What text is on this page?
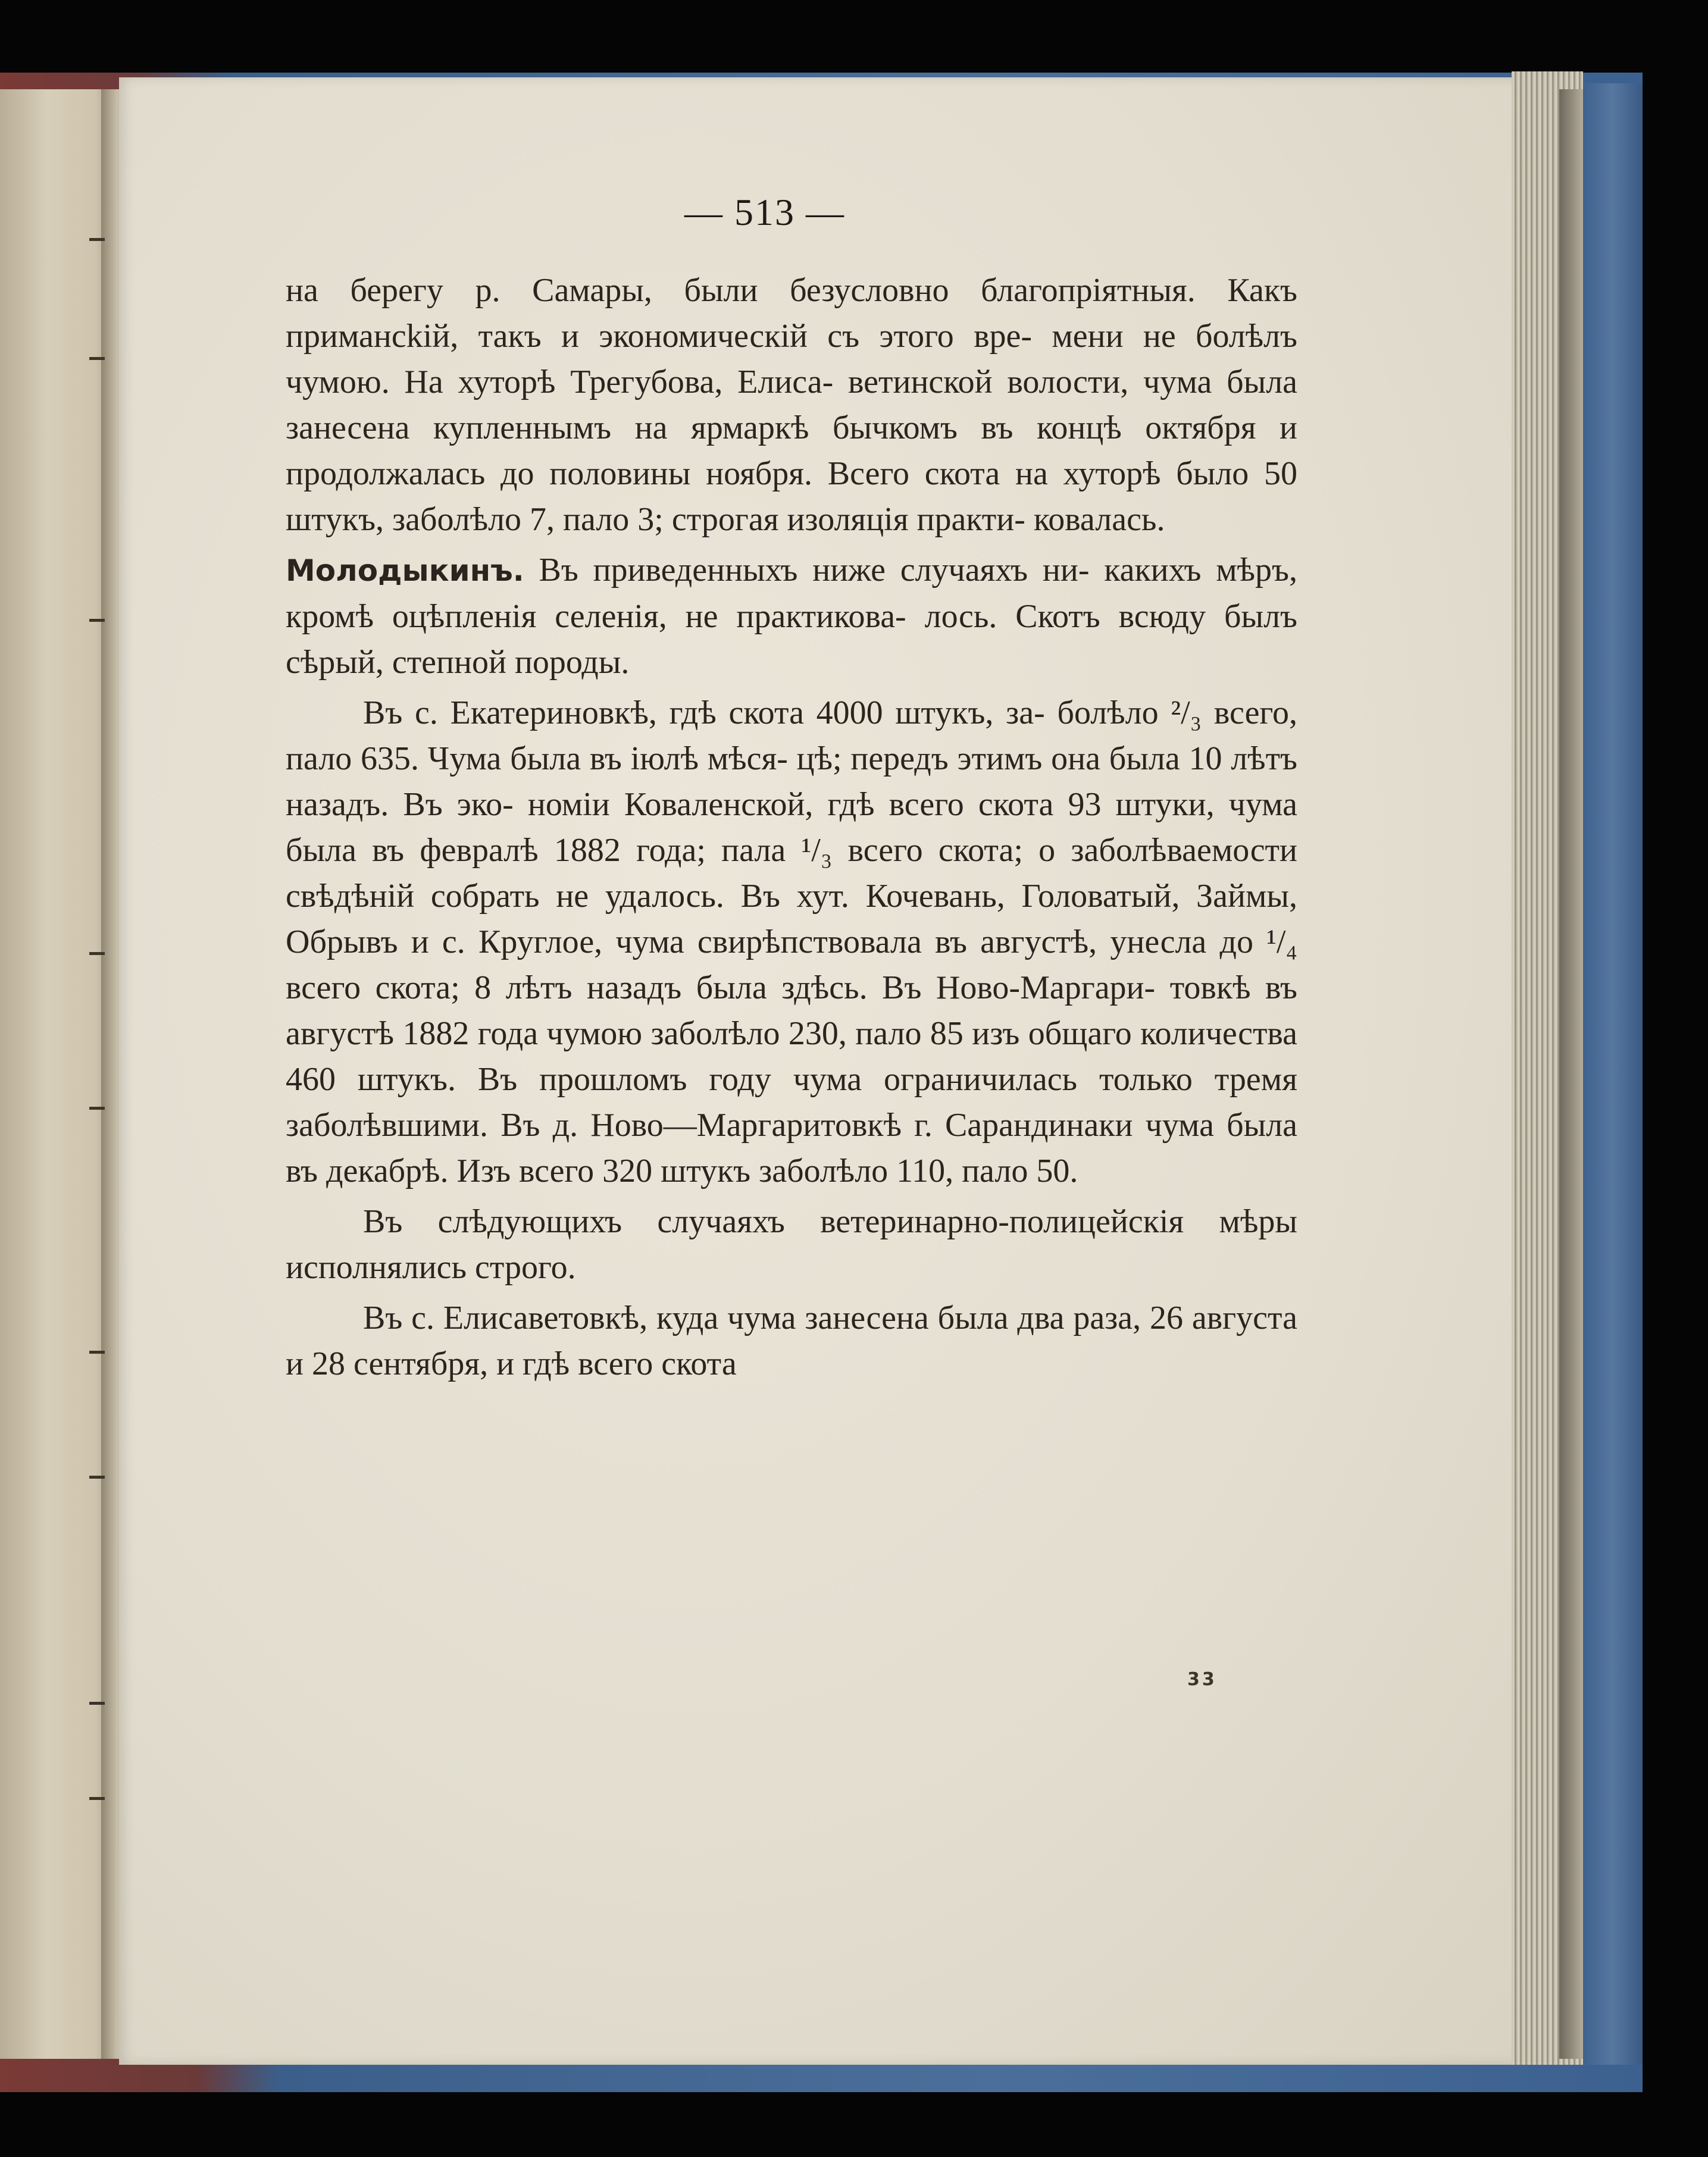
— 513 —

на берегу р. Самары, были безусловно благопріятныя. Какъ примансkiй, такъ и экономическій съ этого вре- мени не болѣлъ чумою. На хуторѣ Трегубова, Елиса- ветинской волости, чума была занесена купленнымъ на ярмаркѣ бычкомъ въ концѣ октября и продолжалась до половины ноября. Всего скота на хуторѣ было 50 штукъ, заболѣло 7, пало 3; строгая изоляція практи- ковалась.

Молодыкинъ. Въ приведенныхъ ниже случаяхъ ни- какихъ мѣръ, кромѣ оцѣпленія селенія, не практикова- лось. Скотъ всюду былъ сѣрый, степной породы.

Въ с. Екатериновкѣ, гдѣ скота 4000 штукъ, за- болѣло ²/₃ всего, пало 635. Чума была въ іюлѣ мѣся- цѣ; передъ этимъ она была 10 лѣтъ назадъ. Въ эко- номіи Коваленской, гдѣ всего скота 93 штуки, чума была въ февралѣ 1882 года; пала ¹/₃ всего скота; о заболѣваемости свѣдѣній собрать не удалось. Въ хут. Кочевань, Головатый, Займы, Обрывъ и с. Круглое, чума свирѣпствовала въ августѣ, унесла до ¹/₄ всего скота; 8 лѣтъ назадъ была здѣсь. Въ Ново-Маргари- товкѣ въ августѣ 1882 года чумою заболѣло 230, пало 85 изъ общаго количества 460 штукъ. Въ прошломъ году чума ограничилась только тремя заболѣвшими. Въ д. Ново—Маргаритовкѣ г. Сарандинаки чума была въ декабрѣ. Изъ всего 320 штукъ заболѣло 110, пало 50.

Въ слѣдующихъ случаяхъ ветеринарно-полицейскія мѣры исполнялись строго.

Въ с. Елисаветовкѣ, куда чума занесена была два раза, 26 августа и 28 сентября, и гдѣ всего скота

33
